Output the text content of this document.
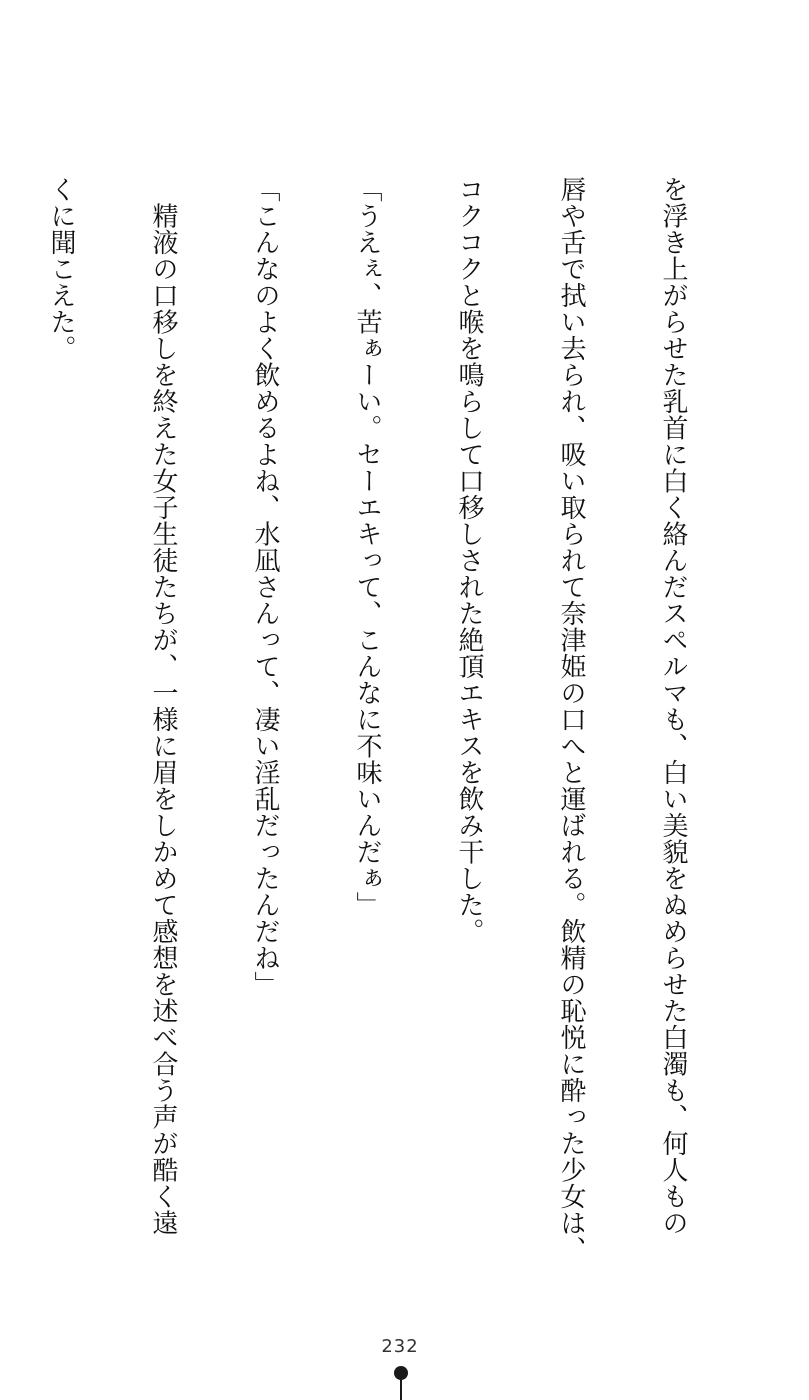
を浮き上がらせた乳首に白く絡んだスペルマも、白い美貌をぬめらせた白濁も、何人もの

唇や舌で拭い去られ、吸い取られて奈津姫の口へと運ばれる。飲精の恥悦に酔った少女は、

コクコクと喉を鳴らして口移しされた絶頂エキスを飲み干した。

「うえぇ、苦ぁーい。セーエキって、こんなに不味いんだぁ」

「こんなのよく飲めるよね、水凪さんって、凄い淫乱だったんだね」

　精液の口移しを終えた女子生徒たちが、一様に眉をしかめて感想を述べ合う声が酷く遠

くに聞こえた。

232
